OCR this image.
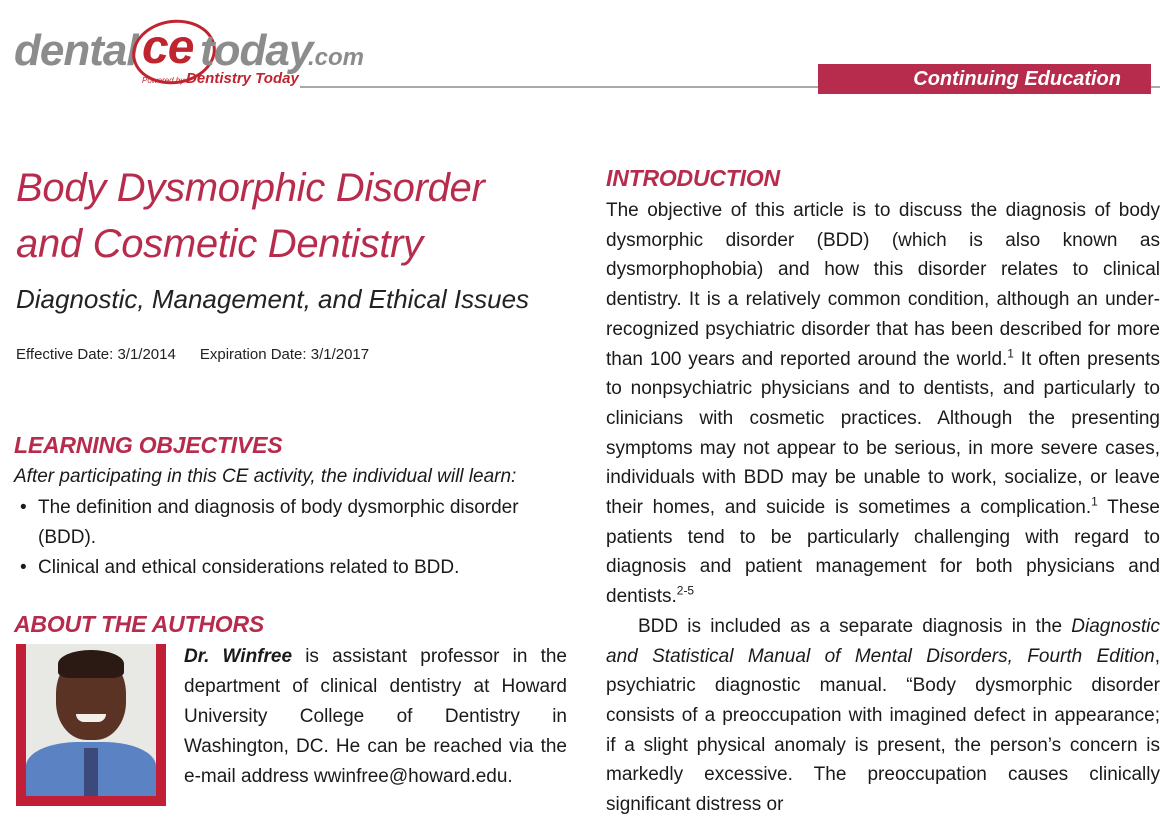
dental ce today
.com
Powered by Dentistry Today	Continuing Education
Body Dysmorphic Disorder
and Cosmetic Dentistry
Diagnostic, Management, and Ethical Issues
Effective Date: 3/1/2014 Expiration Date: 3/1/2017
LEARNING OBJECTIVES
After participating in this CE activity, the individual will learn:
• The definition and diagnosis of body dysmorphic disorder (BDD).
• Clinical and ethical considerations related to BDD.
ABOUT THE AUTHORS

Dr. Winfree is assistant professor in the department of clinical dentistry at Howard University College of Dentistry in Washington, DC. He can be reached via the e-mail address wwinfree@howard.edu.

INTRODUCTION

The objective of this article is to discuss the diagnosis of body dysmorphic disorder (BDD) (which is also known as dysmorphophobia) and how this disorder relates to clinical dentistry. It is a relatively common condition, although an under-recognized psychiatric disorder that has been described for more than 100 years and reported around the world.$^1$ It often presents to nonpsychiatric physicians and to dentists, and particularly to clinicians with cosmetic practices. Although the presenting symptoms may not appear to be serious, in more severe cases, individuals with BDD may be unable to work, socialize, or leave their homes, and suicide is sometimes a complication.$^1$ These patients tend to be particularly challenging with regard to diagnosis and patient management for both physicians and dentists.$^{2-5}$

BDD is included as a separate diagnosis in the Diagnostic and Statistical Manual of Mental Disorders, Fourth Edition, psychiatric diagnostic manual. “Body dysmorphic disorder consists of a preoccupation with imagined defect in appearance; if a slight physical anomaly is present, the person’s concern is markedly excessive. The preoccupation causes clinically significant distress or
